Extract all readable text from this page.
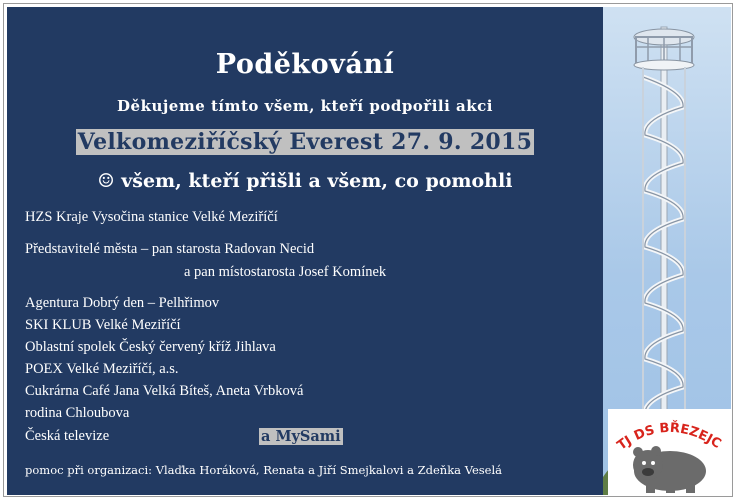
Poděkování
Děkujeme tímto všem, kteří podpořili akci
Velkomeziříčský Everest 27. 9. 2015
☺ všem, kteří přišli a všem, co pomohli
HZS Kraje Vysočina stanice Velké Meziříčí
Představitelé města – pan starosta Radovan Necid
a pan místostarosta Josef Komínek
Agentura Dobrý den – Pelhřimov
SKI KLUB Velké Meziříčí
Oblastní spolek Český červený kříž Jihlava
POEX Velké Meziříčí, a.s.
Cukrárna Café Jana Velká Bíteš, Aneta Vrbková
rodina Chloubova
Česká televize	a MySami
pomoc při organizaci: Vlaďka Horáková, Renata a Jiří Smejkalovi a Zdeňka Veselá
TJ DS BŘEZEJC
